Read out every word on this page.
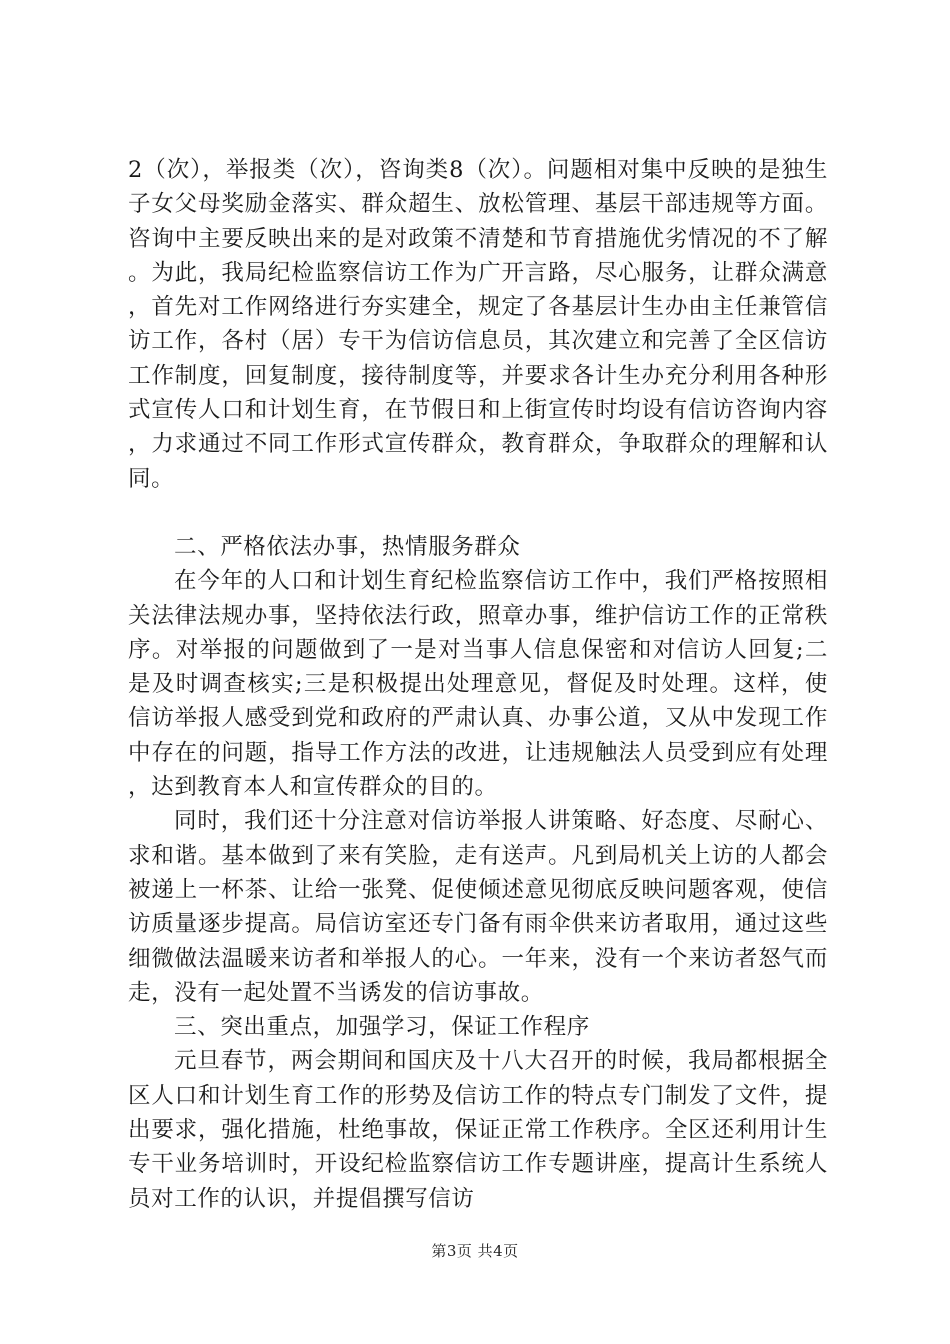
2（次），举报类（次），咨询类8（次）。问题相对集中反映的是独生子女父母奖励金落实、群众超生、放松管理、基层干部违规等方面。咨询中主要反映出来的是对政策不清楚和节育措施优劣情况的不了解。为此，我局纪检监察信访工作为广开言路，尽心服务，让群众满意，首先对工作网络进行夯实建全，规定了各基层计生办由主任兼管信访工作，各村（居）专干为信访信息员，其次建立和完善了全区信访工作制度，回复制度，接待制度等，并要求各计生办充分利用各种形式宣传人口和计划生育，在节假日和上街宣传时均设有信访咨询内容，力求通过不同工作形式宣传群众，教育群众，争取群众的理解和认同。

二、严格依法办事，热情服务群众

在今年的人口和计划生育纪检监察信访工作中，我们严格按照相关法律法规办事，坚持依法行政，照章办事，维护信访工作的正常秩序。对举报的问题做到了一是对当事人信息保密和对信访人回复;二是及时调查核实;三是积极提出处理意见，督促及时处理。这样，使信访举报人感受到党和政府的严肃认真、办事公道，又从中发现工作中存在的问题，指导工作方法的改进，让违规触法人员受到应有处理，达到教育本人和宣传群众的目的。

同时，我们还十分注意对信访举报人讲策略、好态度、尽耐心、求和谐。基本做到了来有笑脸，走有送声。凡到局机关上访的人都会被递上一杯茶、让给一张凳、促使倾述意见彻底反映问题客观，使信访质量逐步提高。局信访室还专门备有雨伞供来访者取用，通过这些细微做法温暖来访者和举报人的心。一年来，没有一个来访者怒气而走，没有一起处置不当诱发的信访事故。

三、突出重点，加强学习，保证工作程序

元旦春节，两会期间和国庆及十八大召开的时候，我局都根据全区人口和计划生育工作的形势及信访工作的特点专门制发了文件，提出要求，强化措施，杜绝事故，保证正常工作秩序。全区还利用计生专干业务培训时，开设纪检监察信访工作专题讲座，提高计生系统人员对工作的认识，并提倡撰写信访

第3页 共4页
